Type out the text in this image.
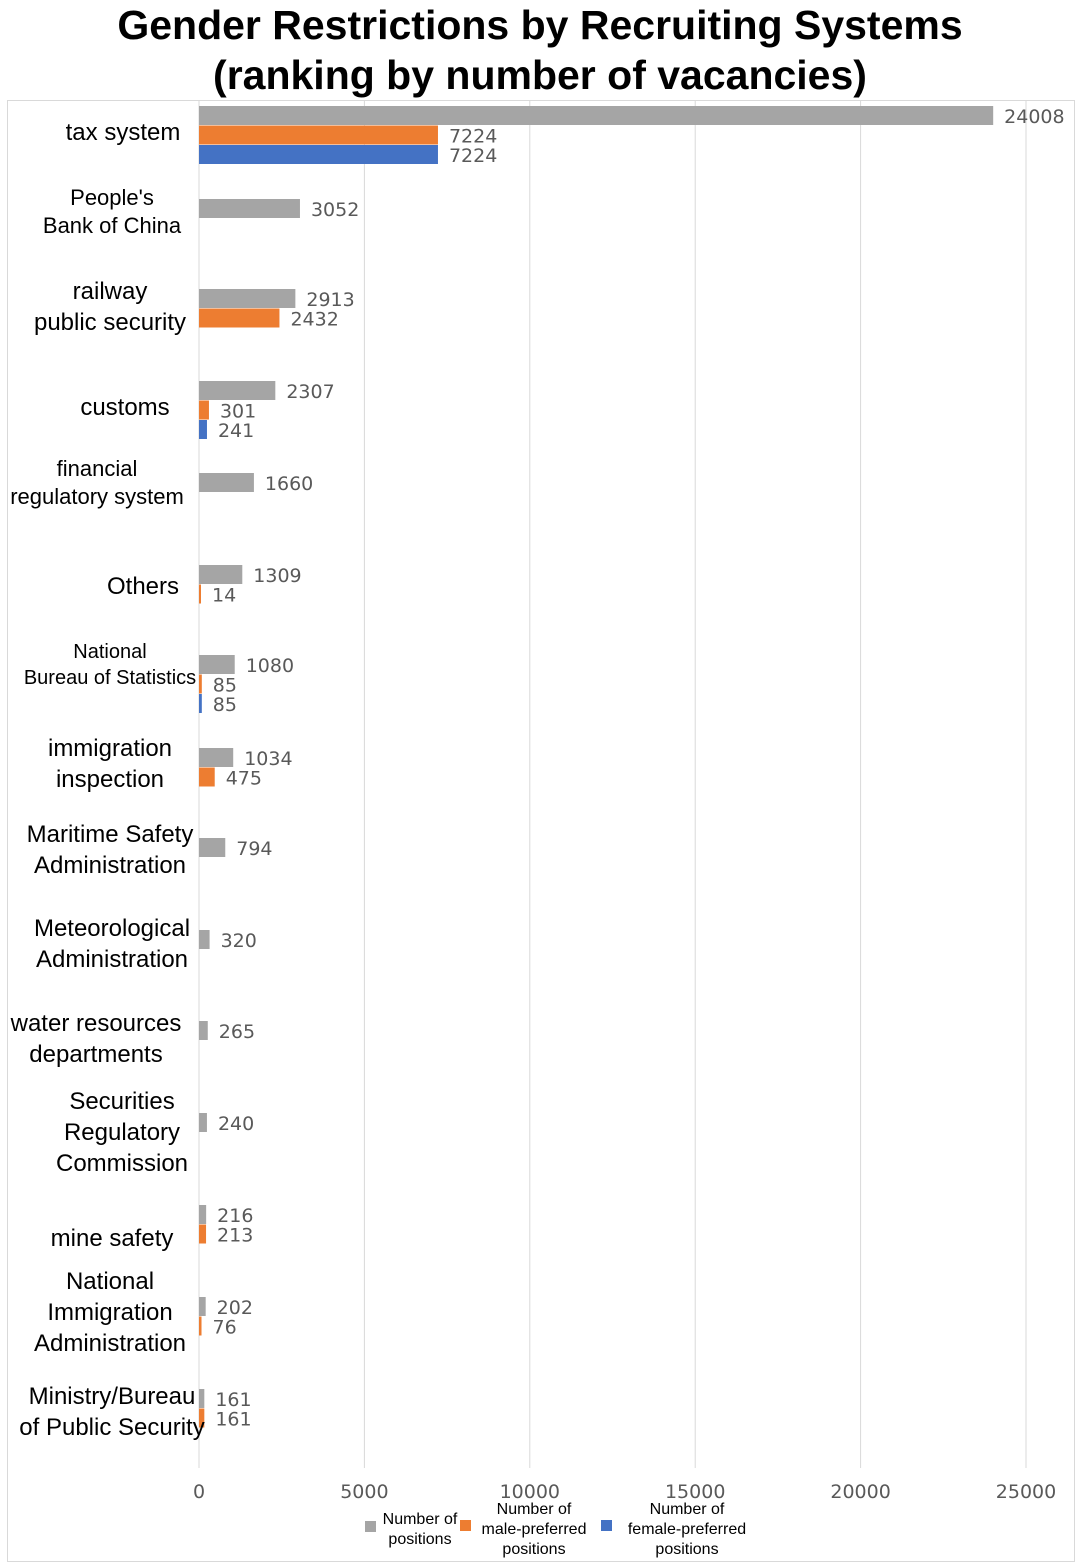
Gender Restrictions by Recruiting Systems
(ranking by number of vacancies)
0	5000	10000	15000	20000	25000
24008
7224
7224
3052
2913
2432
2307
301
241
1660
1309
14
1080
85
85
1034
475
794
320
265
240
216
213
202
76
161
161
tax system
People's
Bank of China
railway
public security
customs
financial
regulatory system
Others
National
Bureau of Statistics
immigration
inspection
Maritime Safety
Administration
Meteorological
Administration
water resources
departments
Securities
Regulatory
Commission
mine safety
National
Immigration
Administration
Ministry/Bureau
of Public Security
Number of
positions
Number of
male-preferred
positions
Number of
female-preferred
positions
